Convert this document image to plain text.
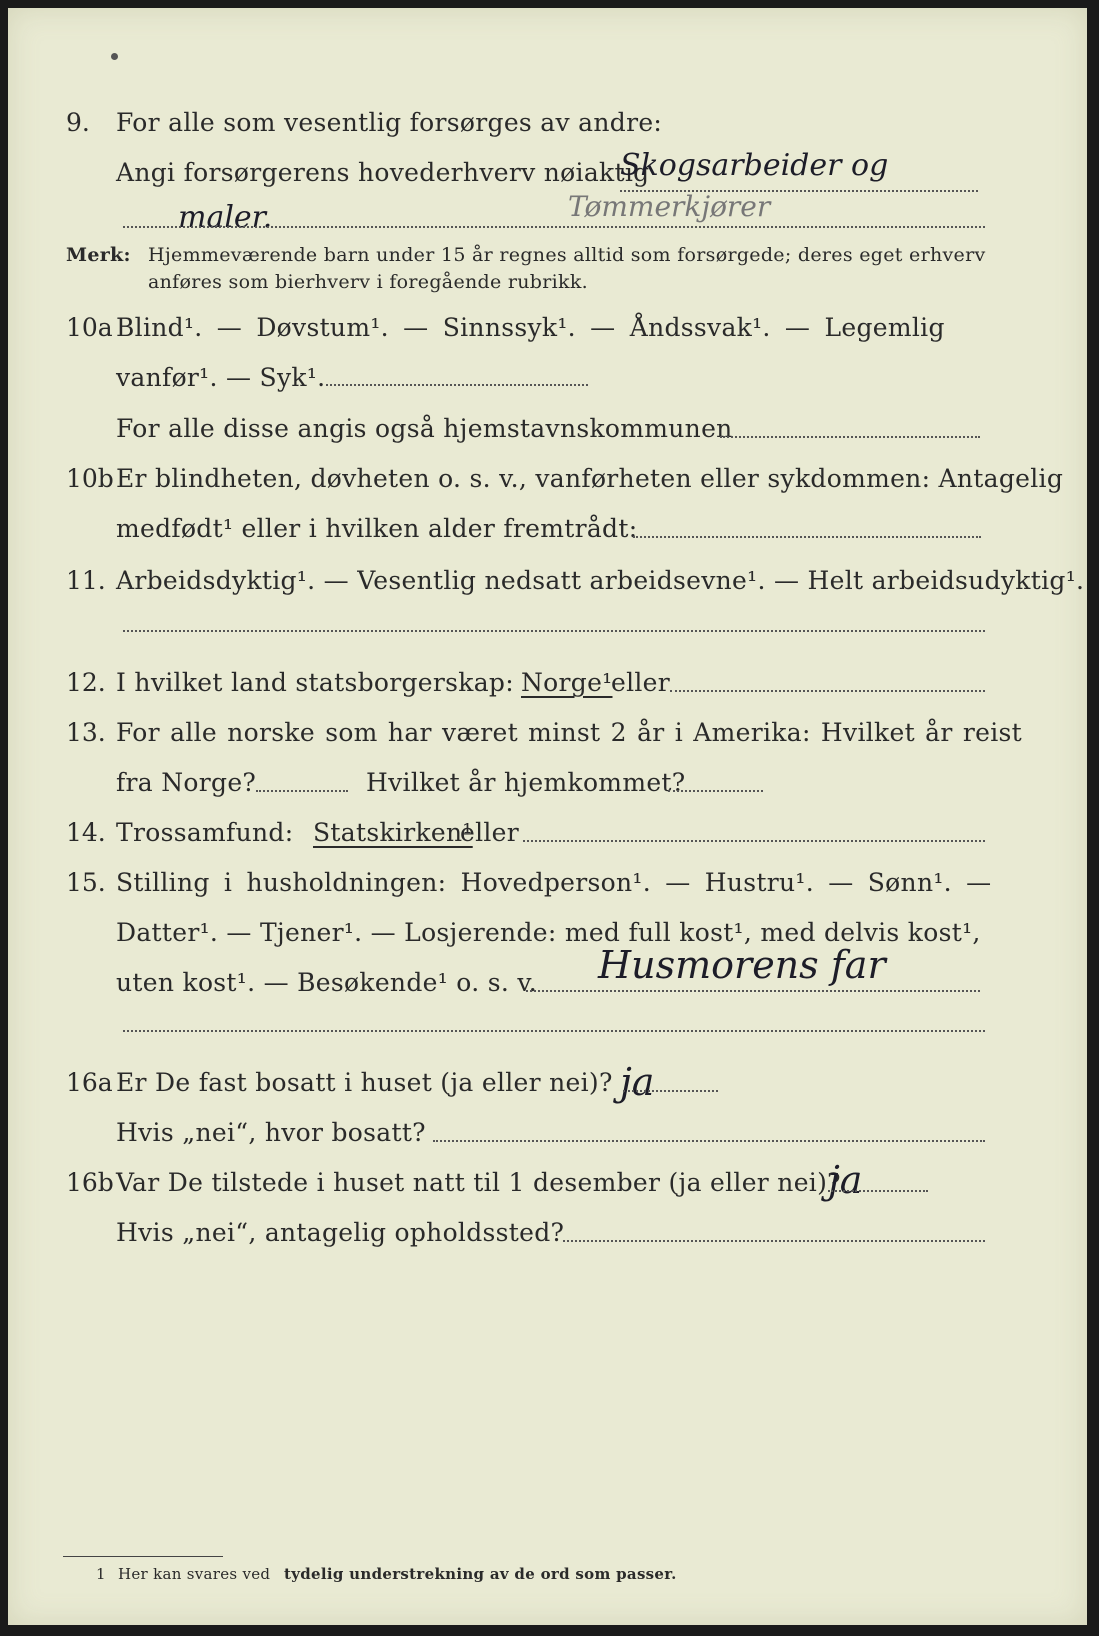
9. For alle som vesentlig forsørges av andre:
Angi forsørgerens hovederhverv nøiaktig
Skogsarbeider og
maler.	Tømmerkjører
Merk: Hjemmeværende barn under 15 år regnes alltid som forsørgede; deres eget erhverv
anføres som bierhverv i foregående rubrikk.
10a Blind¹. — Døvstum¹. — Sinnssyk¹. — Åndssvak¹. — Legemlig
vanfør¹. — Syk¹.
For alle disse angis også hjemstavnskommunen
10b Er blindheten, døvheten o. s. v., vanførheten eller sykdommen: Antagelig
medfødt¹ eller i hvilken alder fremtrådt:
11. Arbeidsdyktig¹. — Vesentlig nedsatt arbeidsevne¹. — Helt arbeidsudyktig¹.
12. I hvilket land statsborgerskap: Norge¹
eller
13. For alle norske som har været minst 2 år i Amerika: Hvilket år reist
fra Norge?	Hvilket år hjemkommet?
14. Trossamfund: Statskirken¹
eller
15. Stilling i husholdningen: Hovedperson¹. — Hustru¹. — Sønn¹. —
Datter¹. — Tjener¹. — Losjerende: med full kost¹, med delvis kost¹,
uten kost¹. — Besøkende¹ o. s. v. Husmorens far
16a Er De fast bosatt i huset (ja eller nei)? ja
Hvis „nei“, hvor bosatt?
16b Var De tilstede i huset natt til 1 desember (ja eller nei)?
ja
Hvis „nei“, antagelig opholdssted?
1 Her kan svares ved tydelig understrekning av de ord som passer.
